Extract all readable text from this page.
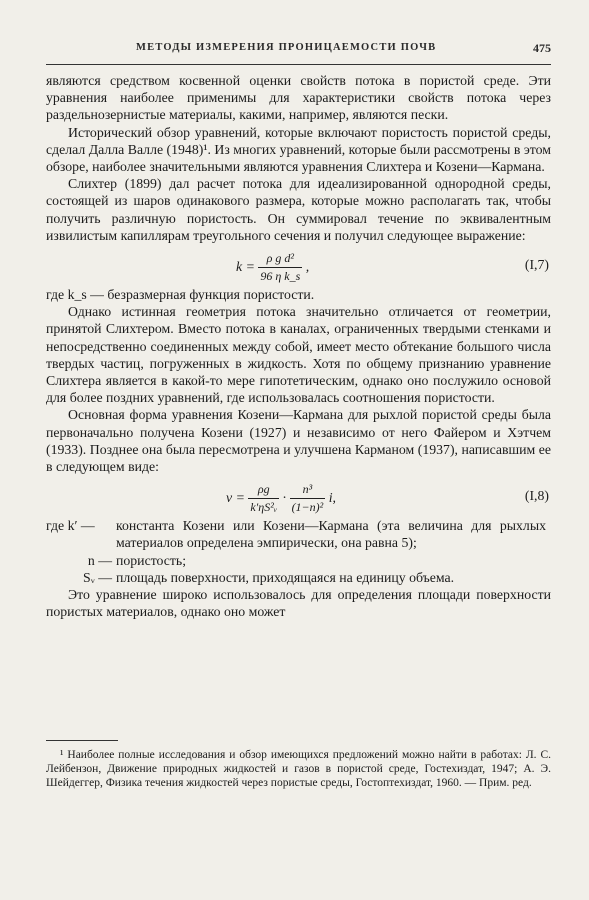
МЕТОДЫ ИЗМЕРЕНИЯ ПРОНИЦАЕМОСТИ ПОЧВ	475

являются средством косвенной оценки свойств потока в пористой среде. Эти уравнения наиболее применимы для характеристики свойств потока через раздельнозернистые материалы, какими, например, являются пески.

Исторический обзор уравнений, которые включают пористость пористой среды, сделал Далла Валле (1948)¹. Из многих уравнений, которые были рассмотрены в этом обзоре, наиболее значительными являются уравнения Слихтера и Козени—Кармана.

Слихтер (1899) дал расчет потока для идеализированной однородной среды, состоящей из шаров одинакового размера, которые можно располагать так, чтобы получить различную пористость. Он суммировал течение по эквивалентным извилистым капиллярам треугольного сечения и получил следующее выражение:

$k = \frac{\text{ρ g d²}}{\text{96 η k\_s}}$ ,	(I,7)

где k_s — безразмерная функция пористости.

Однако истинная геометрия потока значительно отличается от геометрии, принятой Слихтером. Вместо потока в каналах, ограниченных твердыми стенками и непосредственно соединенных между собой, имеет место обтекание большого числа твердых частиц, погруженных в жидкость. Хотя по общему признанию уравнение Слихтера является в какой-то мере гипотетическим, однако оно послужило основой для более поздних уравнений, где использовалась соотношения пористости.

Основная форма уравнения Козени—Кармана для рыхлой пористой среды была первоначально получена Козени (1927) и независимо от него Файером и Хэтчем (1933). Позднее она была пересмотрена и улучшена Карманом (1937), написавшим ее в следующем виде:

$v = \frac{\rho g}{\text{k′ηS²ᵥ}} \cdot \frac{\text{n³}}{\text{(1−n)²}} i$,	(I,8)
где k′ — константа Козени или Козени—Кармана (эта величина для рыхлых материалов определена эмпирически, она равна 5);
n — пористость;
Sᵥ — площадь поверхности, приходящаяся на единицу объема.

Это уравнение широко использовалось для определения площади поверхности пористых материалов, однако оно может

¹ Наиболее полные исследования и обзор имеющихся предложений можно найти в работах: Л. С. Лейбензон, Движение природных жидкостей и газов в пористой среде, Гостехиздат, 1947; А. Э. Шейдеггер, Физика течения жидкостей через пористые среды, Гостоптехиздат, 1960. — Прим. ред.
